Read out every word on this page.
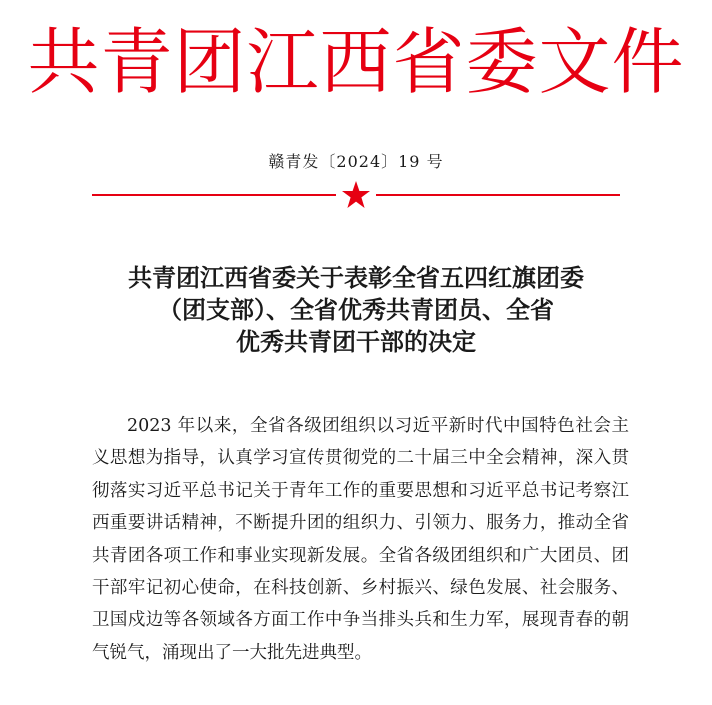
共青团江西省委文件
赣青发〔2024〕19 号
共青团江西省委关于表彰全省五四红旗团委
（团支部）、全省优秀共青团员、全省
优秀共青团干部的决定

2023 年以来，全省各级团组织以习近平新时代中国特色社会主义思想为指导，认真学习宣传贯彻党的二十届三中全会精神，深入贯彻落实习近平总书记关于青年工作的重要思想和习近平总书记考察江西重要讲话精神，不断提升团的组织力、引领力、服务力，推动全省共青团各项工作和事业实现新发展。全省各级团组织和广大团员、团干部牢记初心使命，在科技创新、乡村振兴、绿色发展、社会服务、卫国戍边等各领域各方面工作中争当排头兵和生力军，展现青春的朝气锐气，涌现出了一大批先进典型。
